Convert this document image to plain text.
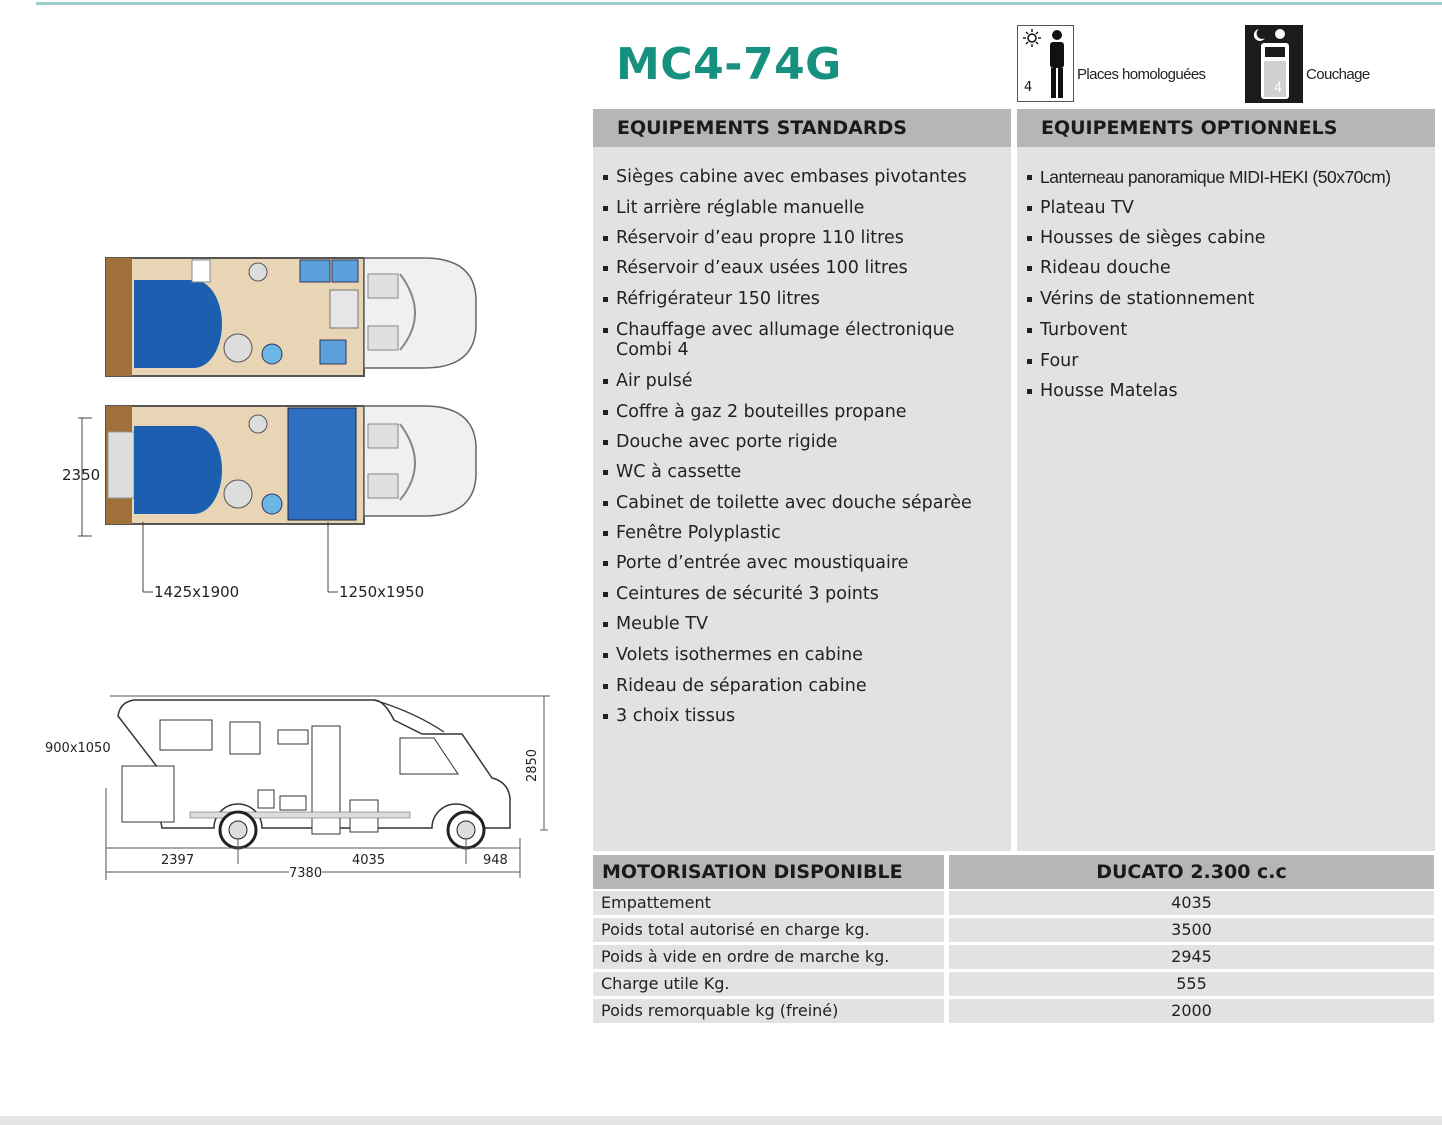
2350
1425x1900	1250x1950
900x1050
2850
2397
7380
4035	948
MC4-74G	4
Places homologuées
4
Couchage
EQUIPEMENTS STANDARDS	EQUIPEMENTS OPTIONNELS
Sièges cabine avec embases pivotantes
Lit arrière réglable manuelle
Réservoir d’eau propre 110 litres
Réservoir d’eaux usées 100 litres
Réfrigérateur 150 litres
Chauffage avec allumage électronique Combi 4
Air pulsé
Coffre à gaz 2 bouteilles propane
Douche avec porte rigide
WC à cassette
Cabinet de toilette avec douche séparèe
Fenêtre Polyplastic
Porte d’entrée avec moustiquaire
Ceintures de sécurité 3 points
Meuble TV
Volets isothermes en cabine
Rideau de séparation cabine
3 choix tissus
Lanterneau panoramique MIDI-HEKI (50x70cm)
Plateau TV
Housses de sièges cabine
Rideau douche
Vérins de stationnement
Turbovent
Four
Housse Matelas
MOTORISATION DISPONIBLE	DUCATO 2.300 c.c
Empattement	4035
Poids total autorisé en charge kg.	3500
Poids à vide en ordre de marche kg.	2945
Charge utile Kg.	555
Poids remorquable kg (freiné)	2000
